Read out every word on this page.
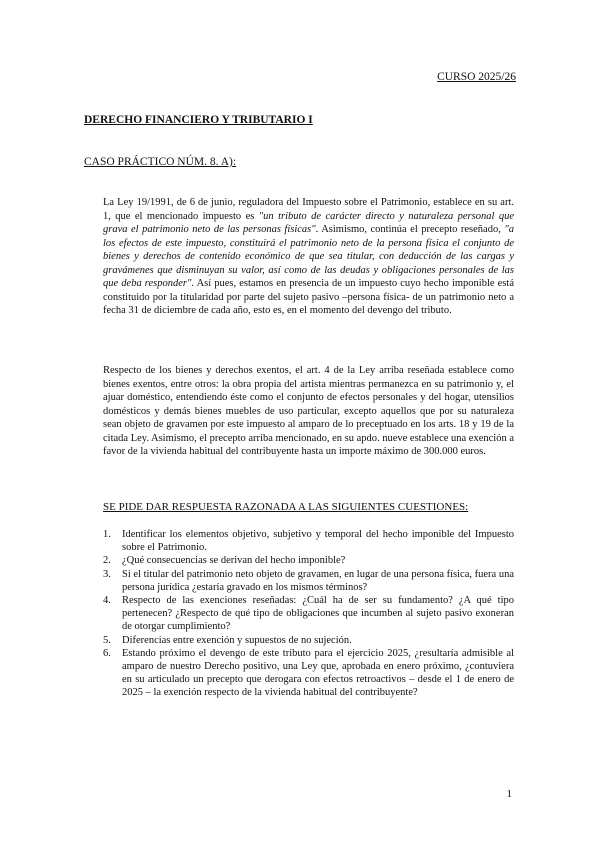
CURSO 2025/26
DERECHO FINANCIERO Y TRIBUTARIO I
CASO PRÁCTICO NÚM. 8. A):

La Ley 19/1991, de 6 de junio, reguladora del Impuesto sobre el Patrimonio, establece en su art. 1, que el mencionado impuesto es "un tributo de carácter directo y naturaleza personal que grava el patrimonio neto de las personas físicas". Asimismo, continúa el precepto reseñado, "a los efectos de este impuesto, constituirá el patrimonio neto de la persona física el conjunto de bienes y derechos de contenido económico de que sea titular, con deducción de las cargas y gravámenes que disminuyan su valor, así como de las deudas y obligaciones personales de las que deba responder". Así pues, estamos en presencia de un impuesto cuyo hecho imponible está constituido por la titularidad por parte del sujeto pasivo –persona física- de un patrimonio neto a fecha 31 de diciembre de cada año, esto es, en el momento del devengo del tributo.

Respecto de los bienes y derechos exentos, el art. 4 de la Ley arriba reseñada establece como bienes exentos, entre otros: la obra propia del artista mientras permanezca en su patrimonio y, el ajuar doméstico, entendiendo éste como el conjunto de efectos personales y del hogar, utensilios domésticos y demás bienes muebles de uso particular, excepto aquellos que por su naturaleza sean objeto de gravamen por este impuesto al amparo de lo preceptuado en los arts. 18 y 19 de la citada Ley. Asimismo, el precepto arriba mencionado, en su apdo. nueve establece una exención a favor de la vivienda habitual del contribuyente hasta un importe máximo de 300.000 euros.

SE PIDE DAR RESPUESTA RAZONADA A LAS SIGUIENTES CUESTIONES:
1.	Identificar los elementos objetivo, subjetivo y temporal del hecho imponible del Impuesto sobre el Patrimonio.
2.	¿Qué consecuencias se derivan del hecho imponible?
3.	Si el titular del patrimonio neto objeto de gravamen, en lugar de una persona física, fuera una persona jurídica ¿estaría gravado en los mismos términos?
4.	Respecto de las exenciones reseñadas: ¿Cuál ha de ser su fundamento? ¿A qué tipo pertenecen? ¿Respecto de qué tipo de obligaciones que incumben al sujeto pasivo exoneran de otorgar cumplimiento?
5.	Diferencias entre exención y supuestos de no sujeción.
6.	Estando próximo el devengo de este tributo para el ejercicio 2025, ¿resultaría admisible al amparo de nuestro Derecho positivo, una Ley que, aprobada en enero próximo, ¿contuviera en su articulado un precepto que derogara con efectos retroactivos – desde el 1 de enero de 2025 – la exención respecto de la vivienda habitual del contribuyente?
1
